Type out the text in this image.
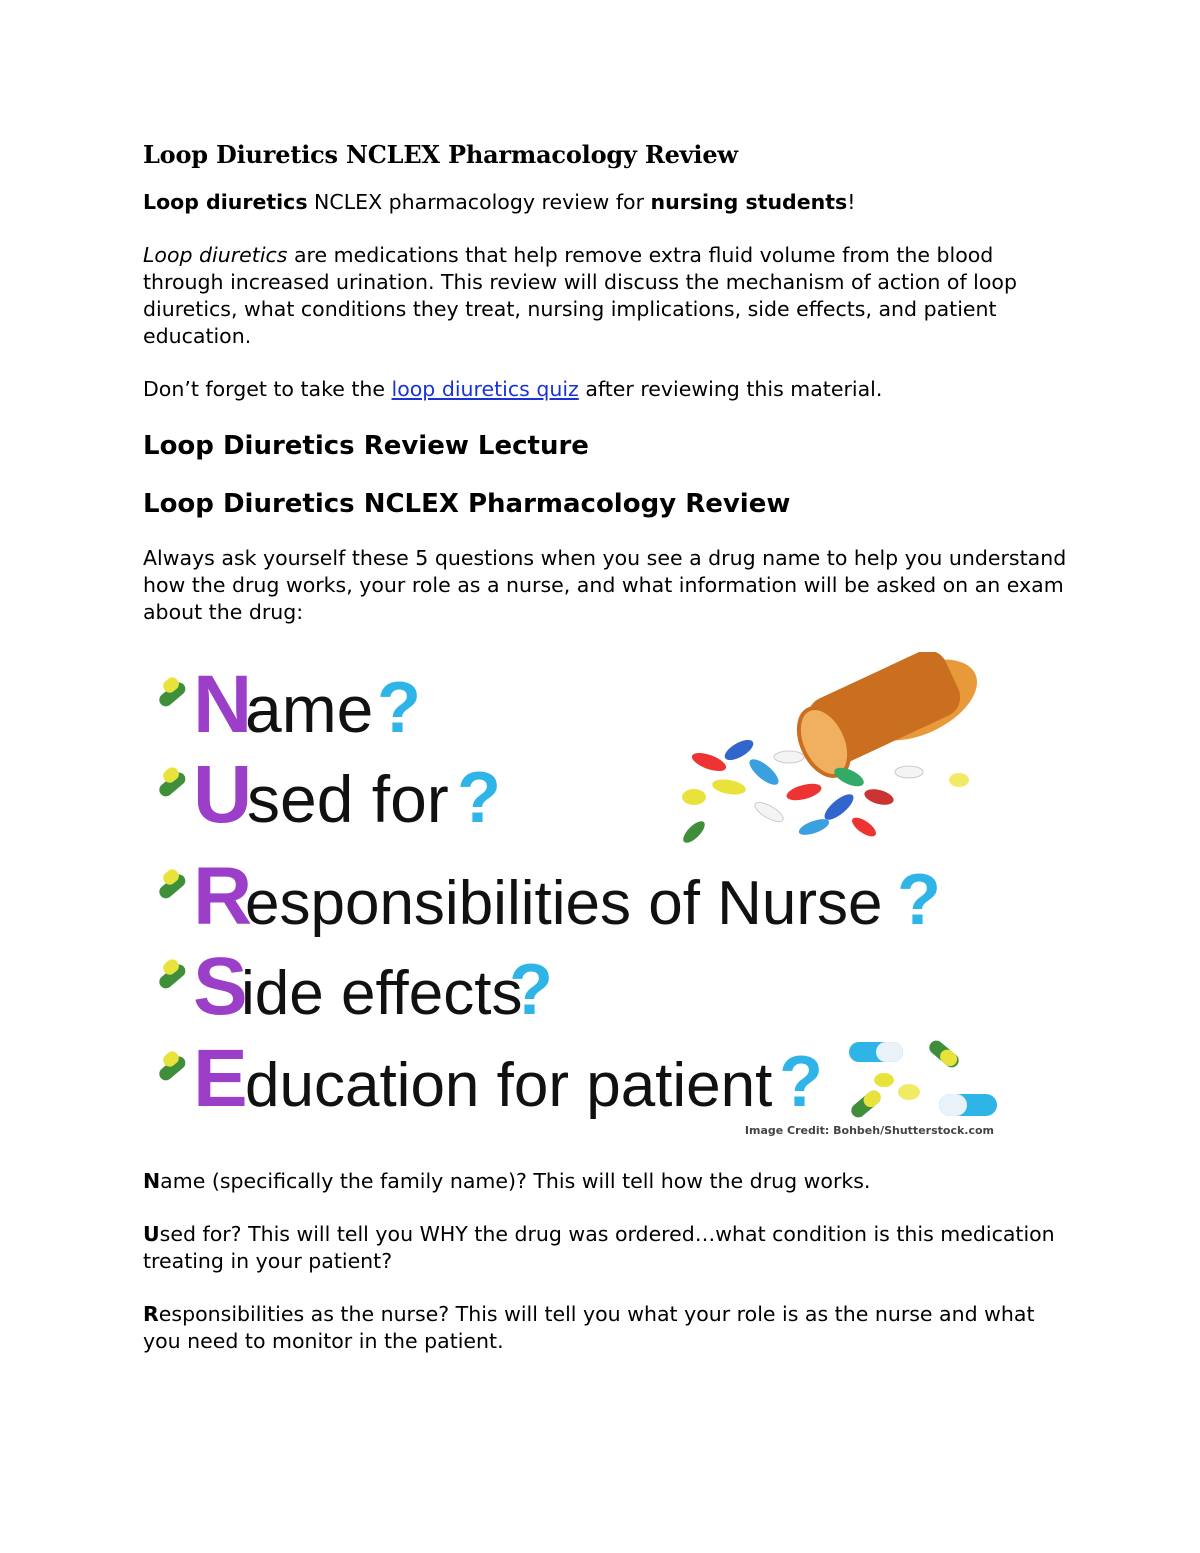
Loop Diuretics NCLEX Pharmacology Review

Loop diuretics NCLEX pharmacology review for nursing students!

Loop diuretics are medications that help remove extra fluid volume from the blood through increased urination. This review will discuss the mechanism of action of loop diuretics, what conditions they treat, nursing implications, side effects, and patient education.

Don’t forget to take the loop diuretics quiz after reviewing this material.

Loop Diuretics Review Lecture
Loop Diuretics NCLEX Pharmacology Review

Always ask yourself these 5 questions when you see a drug name to help you understand how the drug works, your role as a nurse, and what information will be asked on an exam about the drug:

N
ame ?
U
sed for ?
R
esponsibilities of Nurse ?
S
ide effects
?
E
ducation for patient ?
Image Credit: Bohbeh/Shutterstock.com

Name (specifically the family name)? This will tell how the drug works.

Used for? This will tell you WHY the drug was ordered…what condition is this medication treating in your patient?

Responsibilities as the nurse? This will tell you what your role is as the nurse and what you need to monitor in the patient.
